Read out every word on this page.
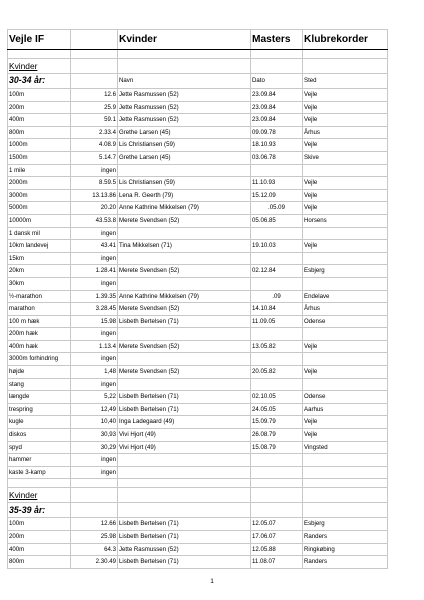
Vejle IF		Kvinder	Masters	Klubrekorder

Kvinder				
30-34 år:		Navn	Dato	Sted
100m	12.6	Jette Rasmussen (52)	23.09.84	Vejle
200m	25.9	Jette Rasmussen (52)	23.09.84	Vejle
400m	59.1	Jette Rasmussen (52)	23.09.84	Vejle
800m	2.33.4	Grethe Larsen (45)	09.09.78	Århus
1000m	4.08.9	Lis Christiansen (59)	18.10.93	Vejle
1500m	5.14.7	Grethe Larsen (45)	03.06.78	Skive
1 mile	ingen			
2000m	8.59.5	Lis Christiansen (59)	11.10.93	Vejle
3000m	13.13.86	Lena R. Geerth (79)	15.12.09	Vejle
5000m	20.20	Anne Kathrine Mikkelsen (79)	.05.09	Vejle
10000m	43.53.8	Merete Svendsen (52)	05.06.85	Horsens
1 dansk mil	ingen			
10km landevej	43.41	Tina Mikkelsen (71)	19.10.03	Vejle
15km	ingen			
20km	1.28.41	Merete Svendsen (52)	02.12.84	Esbjerg
30km	ingen			
½-marathon	1.39.35	Anne Kathrine Mikkelsen (79)	.09	Endelave
marathon	3.28.45	Merete Svendsen (52)	14.10.84	Århus
100 m hæk	15.98	Lisbeth Bertelsen (71)	11.09.05	Odense
200m hæk	ingen			
400m hæk	1.13.4	Merete Svendsen (52)	13.05.82	Vejle
3000m forhindring	ingen			
højde	1,48	Merete Svendsen (52)	20.05.82	Vejle
stang	ingen			
længde	5,22	Lisbeth Bertelsen (71)	02.10.05	Odense
trespring	12,49	Lisbeth Bertelsen (71)	24.05.05	Aarhus
kugle	10,40	Inga Ladegaard (49)	15.09.79	Vejle
diskos	30,93	Vivi Hjort (49)	26.08.79	Vejle
spyd	30,29	Vivi Hjort (49)	15.08.79	Vingsted
hammer	ingen			
kaste 3-kamp	ingen			

Kvinder				
35-39 år:				
100m	12.66	Lisbeth Bertelsen (71)	12.05.07	Esbjerg
200m	25.98	Lisbeth Bertelsen (71)	17.06.07	Randers
400m	64.3	Jette Rasmussen (52)	12.05.88	Ringkøbing
800m	2.30.49	Lisbeth Bertelsen (71)	11.08.07	Randers
1
